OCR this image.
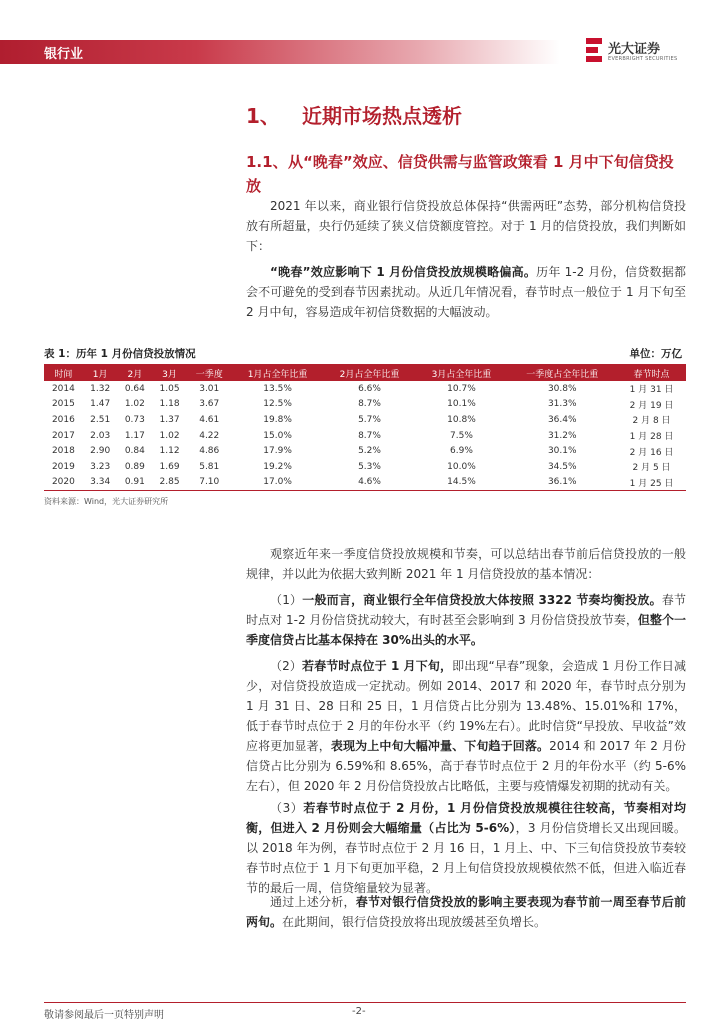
银行业	光大证券
EVERBRIGHT SECURITIES
1、 近期市场热点透析
1.1、从“晚春”效应、信贷供需与监管政策看 1 月中下旬信贷投放
2021 年以来，商业银行信贷投放总体保持“供需两旺”态势，部分机构信贷投放有所超量，央行仍延续了狭义信贷额度管控。对于 1 月的信贷投放，我们判断如下：
“晚春”效应影响下 1 月份信贷投放规模略偏高。历年 1-2 月份，信贷数据都会不可避免的受到春节因素扰动。从近几年情况看，春节时点一般位于 1 月下旬至 2 月中旬，容易造成年初信贷数据的大幅波动。
表 1：历年 1 月份信贷投放情况	单位：万亿
时间	1月	2月	3月	一季度	1月占全年比重	2月占全年比重	3月占全年比重	一季度占全年比重	春节时点
2014	1.32	0.64	1.05	3.01	13.5%	6.6%	10.7%	30.8%	1 月 31 日
2015	1.47	1.02	1.18	3.67	12.5%	8.7%	10.1%	31.3%	2 月 19 日
2016	2.51	0.73	1.37	4.61	19.8%	5.7%	10.8%	36.4%	2 月 8 日
2017	2.03	1.17	1.02	4.22	15.0%	8.7%	7.5%	31.2%	1 月 28 日
2018	2.90	0.84	1.12	4.86	17.9%	5.2%	6.9%	30.1%	2 月 16 日
2019	3.23	0.89	1.69	5.81	19.2%	5.3%	10.0%	34.5%	2 月 5 日
2020	3.34	0.91	2.85	7.10	17.0%	4.6%	14.5%	36.1%	1 月 25 日
资料来源：Wind，光大证券研究所
观察近年来一季度信贷投放规模和节奏，可以总结出春节前后信贷投放的一般规律，并以此为依据大致判断 2021 年 1 月信贷投放的基本情况：
（1）一般而言，商业银行全年信贷投放大体按照 3322 节奏均衡投放。春节时点对 1-2 月份信贷扰动较大，有时甚至会影响到 3 月份信贷投放节奏，但整个一季度信贷占比基本保持在 30%出头的水平。
（2）若春节时点位于 1 月下旬，即出现“早春”现象，会造成 1 月份工作日减少，对信贷投放造成一定扰动。例如 2014、2017 和 2020 年，春节时点分别为 1 月 31 日、28 日和 25 日，1 月信贷占比分别为 13.48%、15.01%和 17%，低于春节时点位于 2 月的年份水平（约 19%左右）。此时信贷“早投放、早收益”效应将更加显著，表现为上中旬大幅冲量、下旬趋于回落。2014 和 2017 年 2 月份信贷占比分别为 6.59%和 8.65%，高于春节时点位于 2 月的年份水平（约 5-6%左右），但 2020 年 2 月份信贷投放占比略低，主要与疫情爆发初期的扰动有关。
（3）若春节时点位于 2 月份，1 月份信贷投放规模往往较高，节奏相对均衡，但进入 2 月份则会大幅缩量（占比为 5-6%），3 月份信贷增长又出现回暖。以 2018 年为例，春节时点位于 2 月 16 日，1 月上、中、下三旬信贷投放节奏较春节时点位于 1 月下旬更加平稳，2 月上旬信贷投放规模依然不低，但进入临近春节的最后一周，信贷缩量较为显著。
通过上述分析，春节对银行信贷投放的影响主要表现为春节前一周至春节后前两旬。在此期间，银行信贷投放将出现放缓甚至负增长。
敬请参阅最后一页特别声明	-2-
